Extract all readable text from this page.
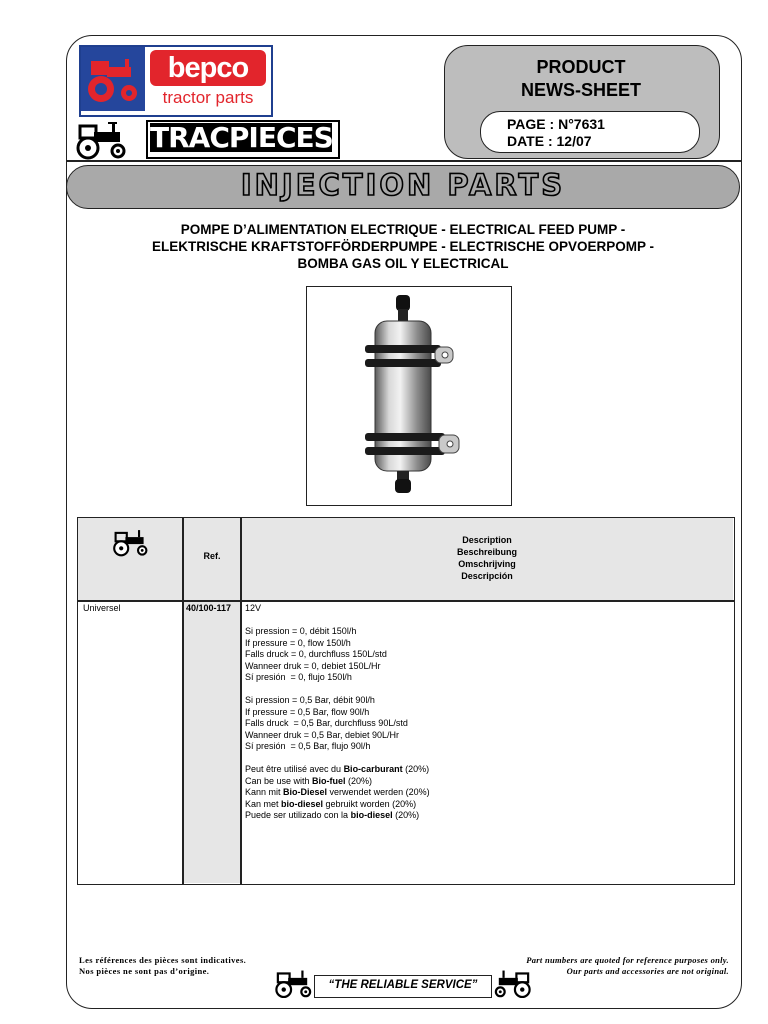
bepco
tractor parts
TRACPIECES
PRODUCT
NEWS-SHEET
PAGE : N°7631
DATE : 12/07
INJECTION PARTS
POMPE D’ALIMENTATION ELECTRIQUE - ELECTRICAL FEED PUMP -
ELEKTRISCHE KRAFTSTOFFÖRDERPUMPE - ELECTRISCHE OPVOERPOMP -
BOMBA GAS OIL Y ELECTRICAL
Ref.
Description
Beschreibung
Omschrijving
Descripción
Universel	40/100-117 12V
Si pression = 0, débit 150l/h
If pressure = 0, flow 150l/h
Falls druck = 0, durchfluss 150L/std
Wanneer druk = 0, debiet 150L/Hr
Sí presión  = 0, flujo 150l/h
Si pression = 0,5 Bar, débit 90l/h
If pressure = 0,5 Bar, flow 90l/h
Falls druck  = 0,5 Bar, durchfluss 90L/std
Wanneer druk = 0,5 Bar, debiet 90L/Hr
Sí presión  = 0,5 Bar, flujo 90l/h
Peut être utilisé avec du Bio-carburant (20%)
Can be use with Bio-fuel (20%)
Kann mit Bio-Diesel verwendet werden (20%)
Kan met bio-diesel gebruikt worden (20%)
Puede ser utilizado con la bio-diesel (20%)
Les références des pièces sont indicatives.
Nos pièces ne sont pas d’origine.
Part numbers are quoted for reference purposes only.
Our parts and accessories are not original.
“THE RELIABLE SERVICE”
